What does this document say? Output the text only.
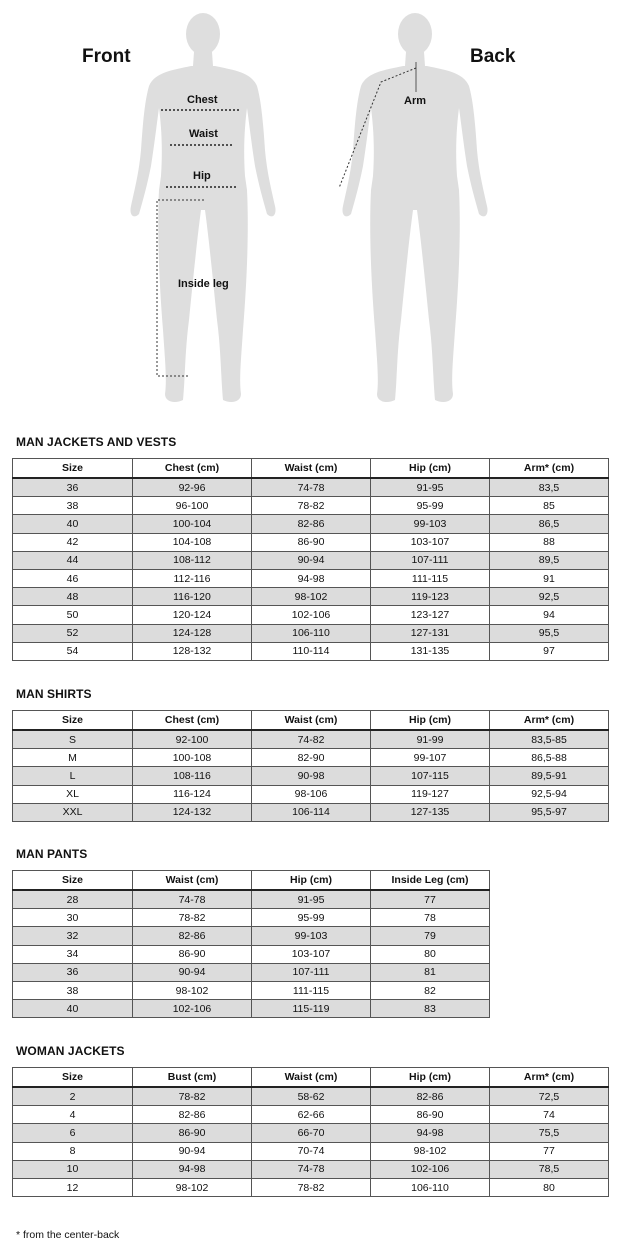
Front	Back
Chest
Waist
Hip
Inside leg
Arm
MAN JACKETS AND VESTS
MAN SHIRTS
MAN PANTS
WOMAN JACKETS
Size	Chest (cm)	Waist (cm)	Hip (cm)	Arm* (cm)
36	92-96	74-78	91-95	83,5
38	96-100	78-82	95-99	85
40	100-104	82-86	99-103	86,5
42	104-108	86-90	103-107	88
44	108-112	90-94	107-111	89,5
46	112-116	94-98	111-115	91
48	116-120	98-102	119-123	92,5
50	120-124	102-106	123-127	94
52	124-128	106-110	127-131	95,5
54	128-132	110-114	131-135	97
Size	Chest (cm)	Waist (cm)	Hip (cm)	Arm* (cm)
S	92-100	74-82	91-99	83,5-85
M	100-108	82-90	99-107	86,5-88
L	108-116	90-98	107-115	89,5-91
XL	116-124	98-106	119-127	92,5-94
XXL	124-132	106-114	127-135	95,5-97
Size	Waist (cm)	Hip (cm)	Inside Leg (cm)
28	74-78	91-95	77
30	78-82	95-99	78
32	82-86	99-103	79
34	86-90	103-107	80
36	90-94	107-111	81
38	98-102	111-115	82
40	102-106	115-119	83
Size	Bust (cm)	Waist (cm)	Hip (cm)	Arm* (cm)
2	78-82	58-62	82-86	72,5
4	82-86	62-66	86-90	74
6	86-90	66-70	94-98	75,5
8	90-94	70-74	98-102	77
10	94-98	74-78	102-106	78,5
12	98-102	78-82	106-110	80
* from the center-back
